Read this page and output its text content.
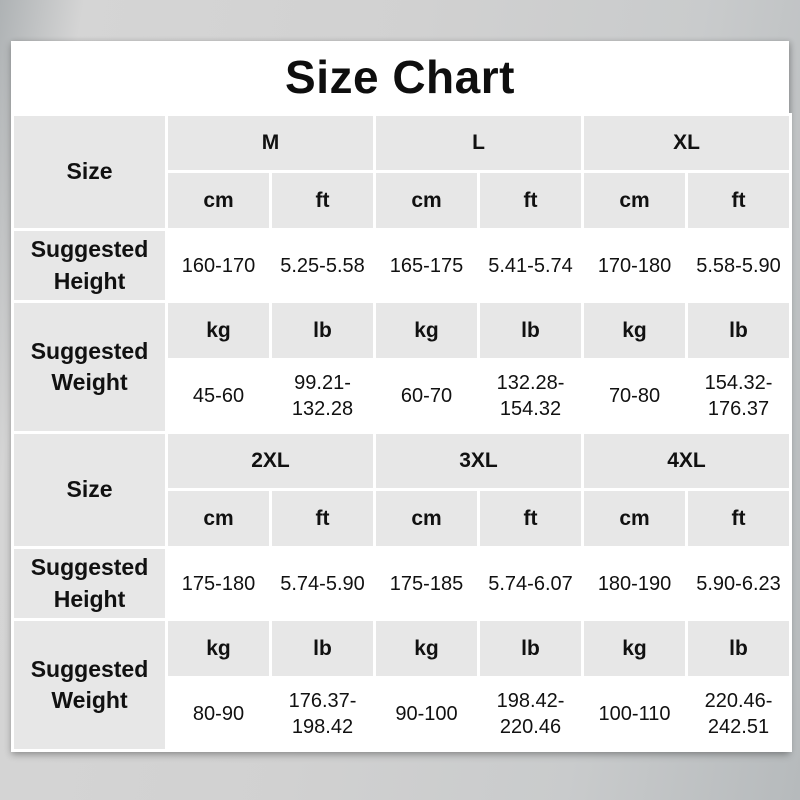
Size Chart
Size	M		L		XL	
	cm	ft	cm	ft	cm	ft
Suggested Height	160-170	5.25-5.58	165-175	5.41-5.74	170-180	5.58-5.90
Suggested Weight	kg	lb	kg	lb	kg	lb
	45-60	99.21-132.28	60-70	132.28-154.32	70-80	154.32-176.37
Size	2XL		3XL		4XL	
	cm	ft	cm	ft	cm	ft
Suggested Height	175-180	5.74-5.90	175-185	5.74-6.07	180-190	5.90-6.23
Suggested Weight	kg	lb	kg	lb	kg	lb
	80-90	176.37-198.42	90-100	198.42-220.46	100-110	220.46-242.51
